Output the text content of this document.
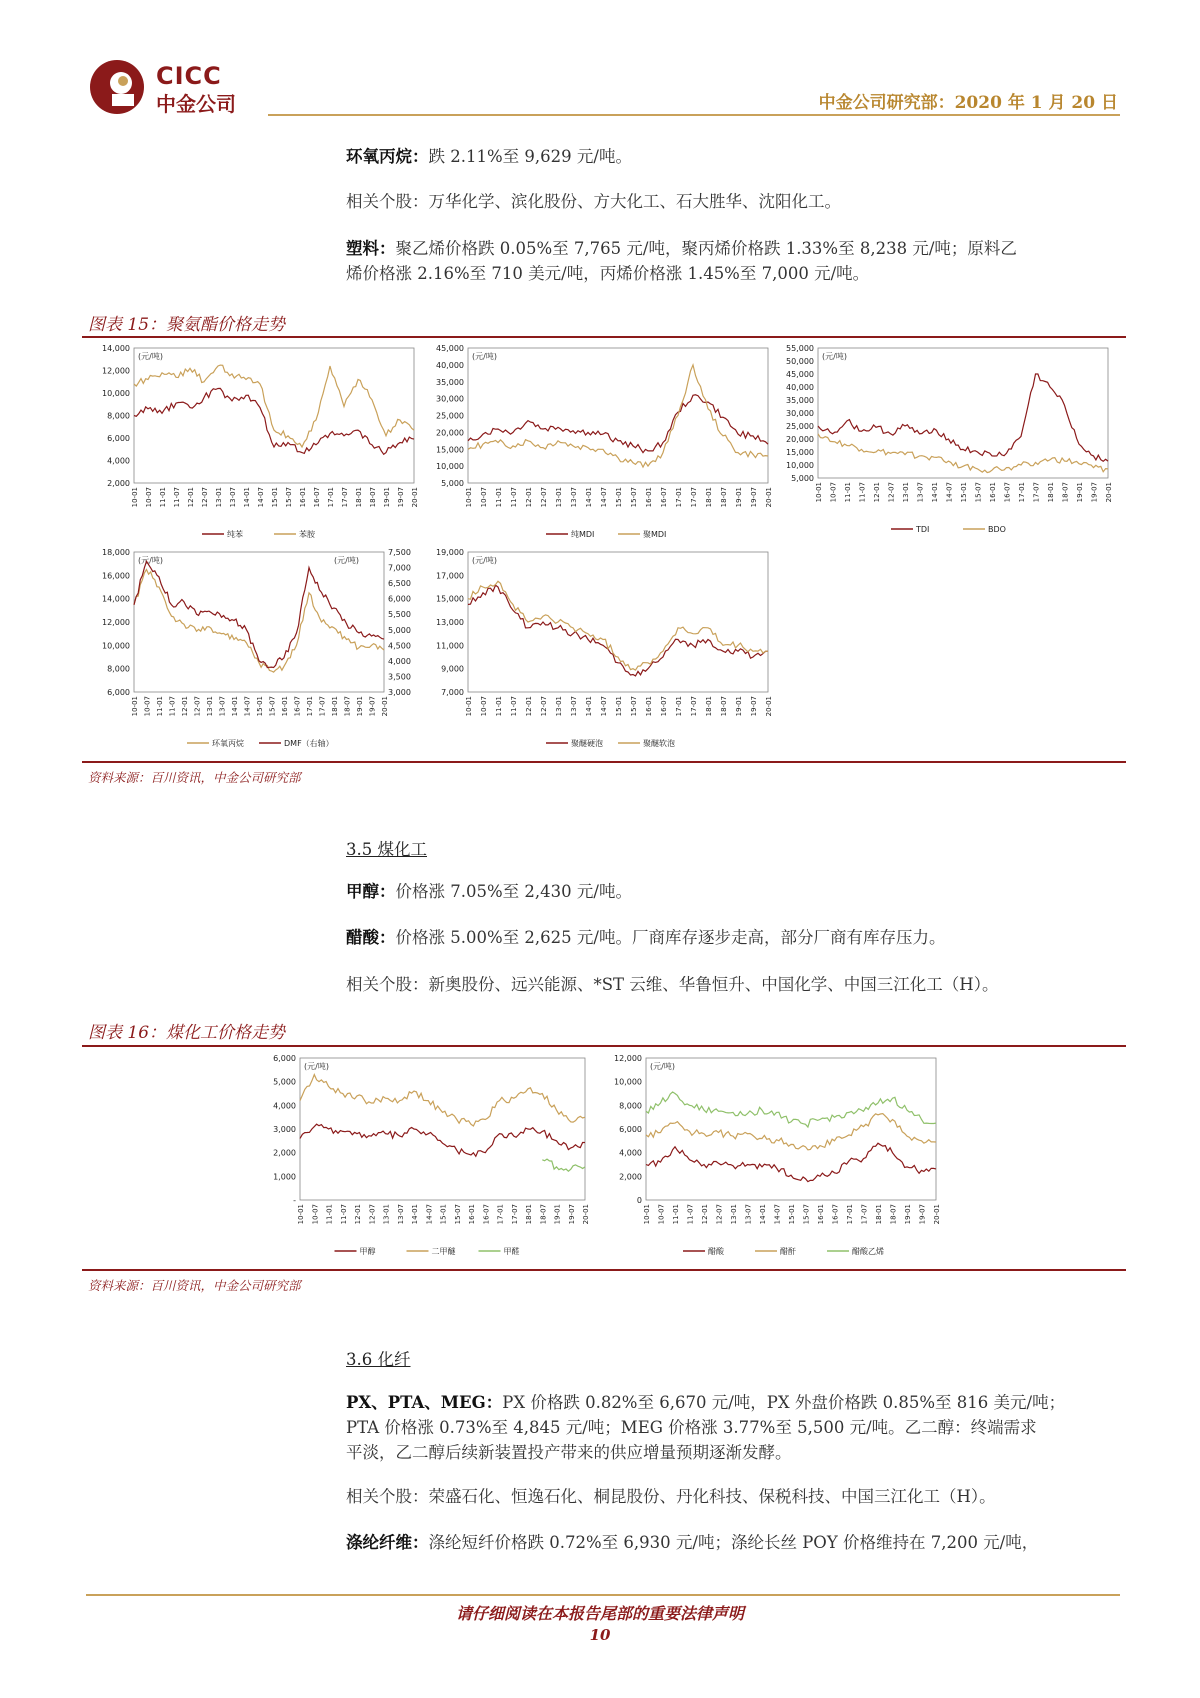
CICC
中金公司	中金公司研究部：2020 年 1 月 20 日
环氧丙烷：跌 2.11%至 9,629 元/吨。
相关个股：万华化学、滨化股份、方大化工、石大胜华、沈阳化工。
塑料：聚乙烯价格跌 0.05%至 7,765 元/吨，聚丙烯价格跌 1.33%至 8,238 元/吨；原料乙
烯价格涨 2.16%至 710 美元/吨，丙烯价格涨 1.45%至 7,000 元/吨。
图表 15：聚氨酯价格走势
(元/吨)
14,000
12,000
10,000
8,000
6,000
4,000
2,000
10-01 10-07 11-01 11-07 12-01 12-07 13-01 13-07 14-01 14-07 15-01 15-07 16-01 16-07 17-01 17-07 18-01 18-07 19-01 19-07 20-01
纯苯	苯胺
(元/吨)
45,000
40,000
35,000
30,000
25,000
20,000
15,000
10,000
5,000
10-01 10-07 11-01 11-07 12-01 12-07 13-01 13-07 14-01 14-07 15-01 15-07 16-01 16-07 17-01 17-07 18-01 18-07 19-01 19-07 20-01
纯MDI	聚MDI
(元/吨)
55,000
50,000
45,000
40,000
35,000
30,000
25,000
20,000
15,000
10,000
5,000
10-01 10-07 11-01 11-07 12-01 12-07 13-01 13-07 14-01 14-07 15-01 15-07 16-01 16-07 17-01 17-07 18-01 18-07 19-01 19-07 20-01
TDI	BDO
(元/吨)	(元/吨)
18,000
16,000
14,000
12,000
10,000
8,000
6,000
7,500
7,000
6,500
6,000
5,500
5,000
4,500
4,000
3,500
3,000
10-01 10-07 11-01 11-07 12-01 12-07 13-01 13-07 14-01 14-07 15-01 15-07 16-01 16-07 17-01 17-07 18-01 18-07 19-01 19-07 20-01
环氧丙烷	DMF（右轴）
(元/吨)
19,000
17,000
15,000
13,000
11,000
9,000
7,000
10-01 10-07 11-01 11-07 12-01 12-07 13-01 13-07 14-01 14-07 15-01 15-07 16-01 16-07 17-01 17-07 18-01 18-07 19-01 19-07 20-01
聚醚硬泡	聚醚软泡
资料来源：百川资讯，中金公司研究部
3.5 煤化工
甲醇：价格涨 7.05%至 2,430 元/吨。
醋酸：价格涨 5.00%至 2,625 元/吨。厂商库存逐步走高，部分厂商有库存压力。
相关个股：新奥股份、远兴能源、*ST 云维、华鲁恒升、中国化学、中国三江化工（H）。
图表 16：煤化工价格走势
(元/吨)
6,000
5,000
4,000
3,000
2,000
1,000
-
10-01 10-07 11-01 11-07 12-01 12-07 13-01 13-07 14-01 14-07 15-01 15-07 16-01 16-07 17-01 17-07 18-01 18-07 19-01 19-07 20-01
甲醇	二甲醚	甲醛
(元/吨)
12,000
10,000
8,000
6,000
4,000
2,000
0
10-01 10-07 11-01 11-07 12-01 12-07 13-01 13-07 14-01 14-07 15-01 15-07 16-01 16-07 17-01 17-07 18-01 18-07 19-01 19-07 20-01
醋酸	醋酐	醋酸乙烯
资料来源：百川资讯，中金公司研究部
3.6 化纤
PX、PTA、MEG：PX 价格跌 0.82%至 6,670 元/吨，PX 外盘价格跌 0.85%至 816 美元/吨；
PTA 价格涨 0.73%至 4,845 元/吨；MEG 价格涨 3.77%至 5,500 元/吨。乙二醇：终端需求
平淡，乙二醇后续新装置投产带来的供应增量预期逐渐发酵。
相关个股：荣盛石化、恒逸石化、桐昆股份、丹化科技、保税科技、中国三江化工（H）。
涤纶纤维：涤纶短纤价格跌 0.72%至 6,930 元/吨；涤纶长丝 POY 价格维持在 7,200 元/吨，
请仔细阅读在本报告尾部的重要法律声明
10
